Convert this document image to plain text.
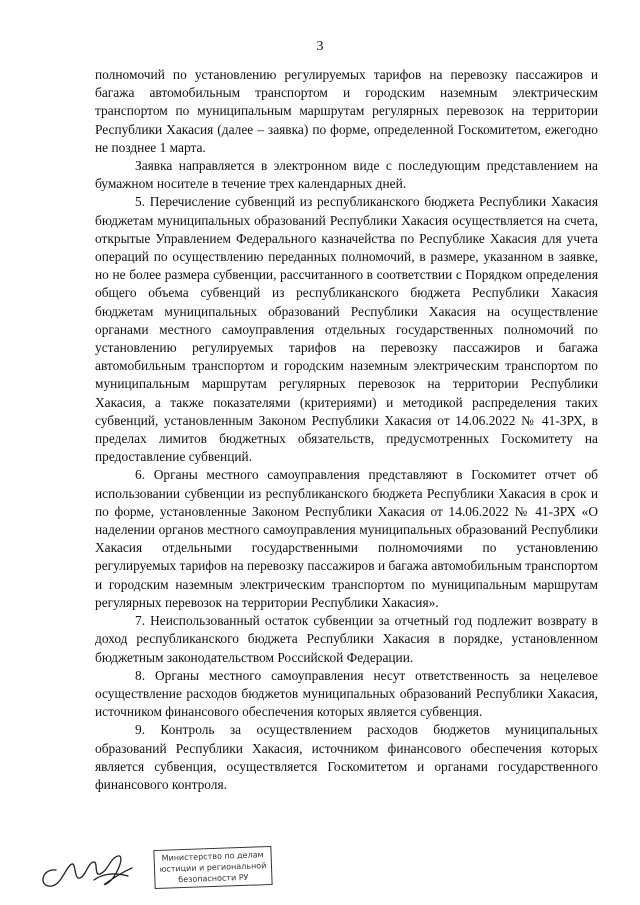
3

полномочий по установлению регулируемых тарифов на перевозку пассажиров и багажа автомобильным транспортом и городским наземным электрическим транспортом по муниципальным маршрутам регулярных перевозок на территории Республики Хакасия (далее – заявка) по форме, определенной Госкомитетом, ежегодно не позднее 1 марта.

Заявка направляется в электронном виде с последующим представлением на бумажном носителе в течение трех календарных дней.

5. Перечисление субвенций из республиканского бюджета Республики Хакасия бюджетам муниципальных образований Республики Хакасия осуществляется на счета, открытые Управлением Федерального казначейства по Республике Хакасия для учета операций по осуществлению переданных полномочий, в размере, указанном в заявке, но не более размера субвенции, рассчитанного в соответствии с Порядком определения общего объема субвенций из республиканского бюджета Республики Хакасия бюджетам муниципальных образований Республики Хакасия на осуществление органами местного самоуправления отдельных государственных полномочий по установлению регулируемых тарифов на перевозку пассажиров и багажа автомобильным транспортом и городским наземным электрическим транспортом по муниципальным маршрутам регулярных перевозок на территории Республики Хакасия, а также показателями (критериями) и методикой распределения таких субвенций, установленным Законом Республики Хакасия от 14.06.2022 № 41-ЗРХ, в пределах лимитов бюджетных обязательств, предусмотренных Госкомитету на предоставление субвенций.

6. Органы местного самоуправления представляют в Госкомитет отчет об использовании субвенции из республиканского бюджета Республики Хакасия в срок и по форме, установленные Законом Республики Хакасия от 14.06.2022 № 41-ЗРХ «О наделении органов местного самоуправления муниципальных образований Республики Хакасия отдельными государственными полномочиями по установлению регулируемых тарифов на перевозку пассажиров и багажа автомобильным транспортом и городским наземным электрическим транспортом по муниципальным маршрутам регулярных перевозок на территории Республики Хакасия».

7. Неиспользованный остаток субвенции за отчетный год подлежит возврату в доход республиканского бюджета Республики Хакасия в порядке, установленном бюджетным законодательством Российской Федерации.

8. Органы местного самоуправления несут ответственность за нецелевое осуществление расходов бюджетов муниципальных образований Республики Хакасия, источником финансового обеспечения которых является субвенция.

9. Контроль за осуществлением расходов бюджетов муниципальных образований Республики Хакасия, источником финансового обеспечения которых является субвенция, осуществляется Госкомитетом и органами государственного финансового контроля.

Министерство по делам
юстиции и региональной
безопасности РУ
